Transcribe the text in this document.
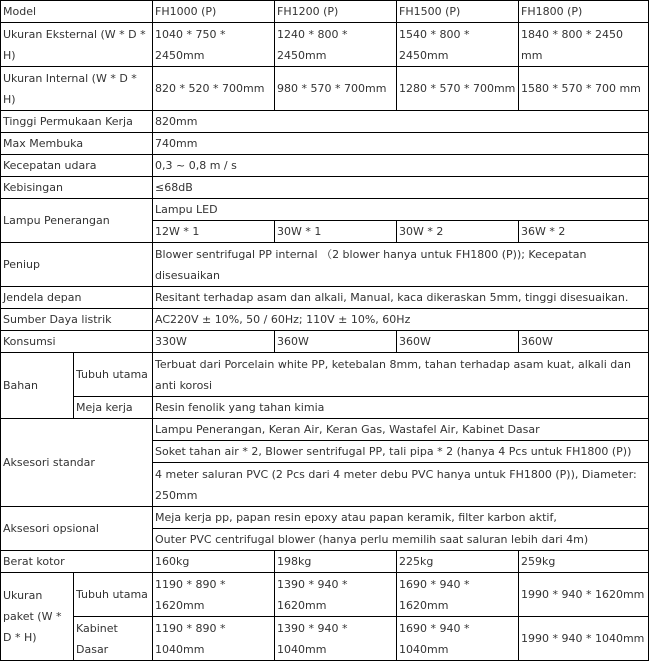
Model		FH1000 (P)	FH1200 (P)	FH1500 (P)	FH1800 (P)
Ukuran Eksternal (W * D * H)		1040 * 750 * 2450mm	1240 * 800 * 2450mm	1540 * 800 * 2450mm	1840 * 800 * 2450 mm
Ukuran Internal (W * D * H)		820 * 520 * 700mm	980 * 570 * 700mm	1280 * 570 * 700mm	1580 * 570 * 700 mm
Tinggi Permukaan Kerja		820mm			
Max Membuka		740mm			
Kecepatan udara		0,3 ~ 0,8 m / s			
Kebisingan		≤68dB			
Lampu Penerangan		Lampu LED			
		12W * 1	30W * 1	30W * 2	36W * 2
Peniup		Blower sentrifugal PP internal （2 blower hanya untuk FH1800 (P)); Kecepatan disesuaikan			
Jendela depan		Resitant terhadap asam dan alkali, Manual, kaca dikeraskan 5mm, tinggi disesuaikan.			
Sumber Daya listrik		AC220V ± 10%, 50 / 60Hz; 110V ± 10%, 60Hz			
Konsumsi		330W	360W	360W	360W
Bahan	Tubuh utama	Terbuat dari Porcelain white PP, ketebalan 8mm, tahan terhadap asam kuat, alkali dan anti korosi			
	Meja kerja	Resin fenolik yang tahan kimia			
Aksesori standar		Lampu Penerangan, Keran Air, Keran Gas, Wastafel Air, Kabinet Dasar			
		Soket tahan air * 2, Blower sentrifugal PP, tali pipa * 2 (hanya 4 Pcs untuk FH1800 (P))			
		4 meter saluran PVC (2 Pcs dari 4 meter debu PVC hanya untuk FH1800 (P)), Diameter: 250mm			
Aksesori opsional		Meja kerja pp, papan resin epoxy atau papan keramik, filter karbon aktif,			
		Outer PVC centrifugal blower (hanya perlu memilih saat saluran lebih dari 4m)			
Berat kotor		160kg	198kg	225kg	259kg
Ukuran paket (W * D * H)	Tubuh utama	1190 * 890 * 1620mm	1390 * 940 * 1620mm	1690 * 940 * 1620mm	1990 * 940 * 1620mm
	Kabinet Dasar	1190 * 890 * 1040mm	1390 * 940 * 1040mm	1690 * 940 * 1040mm	1990 * 940 * 1040mm
